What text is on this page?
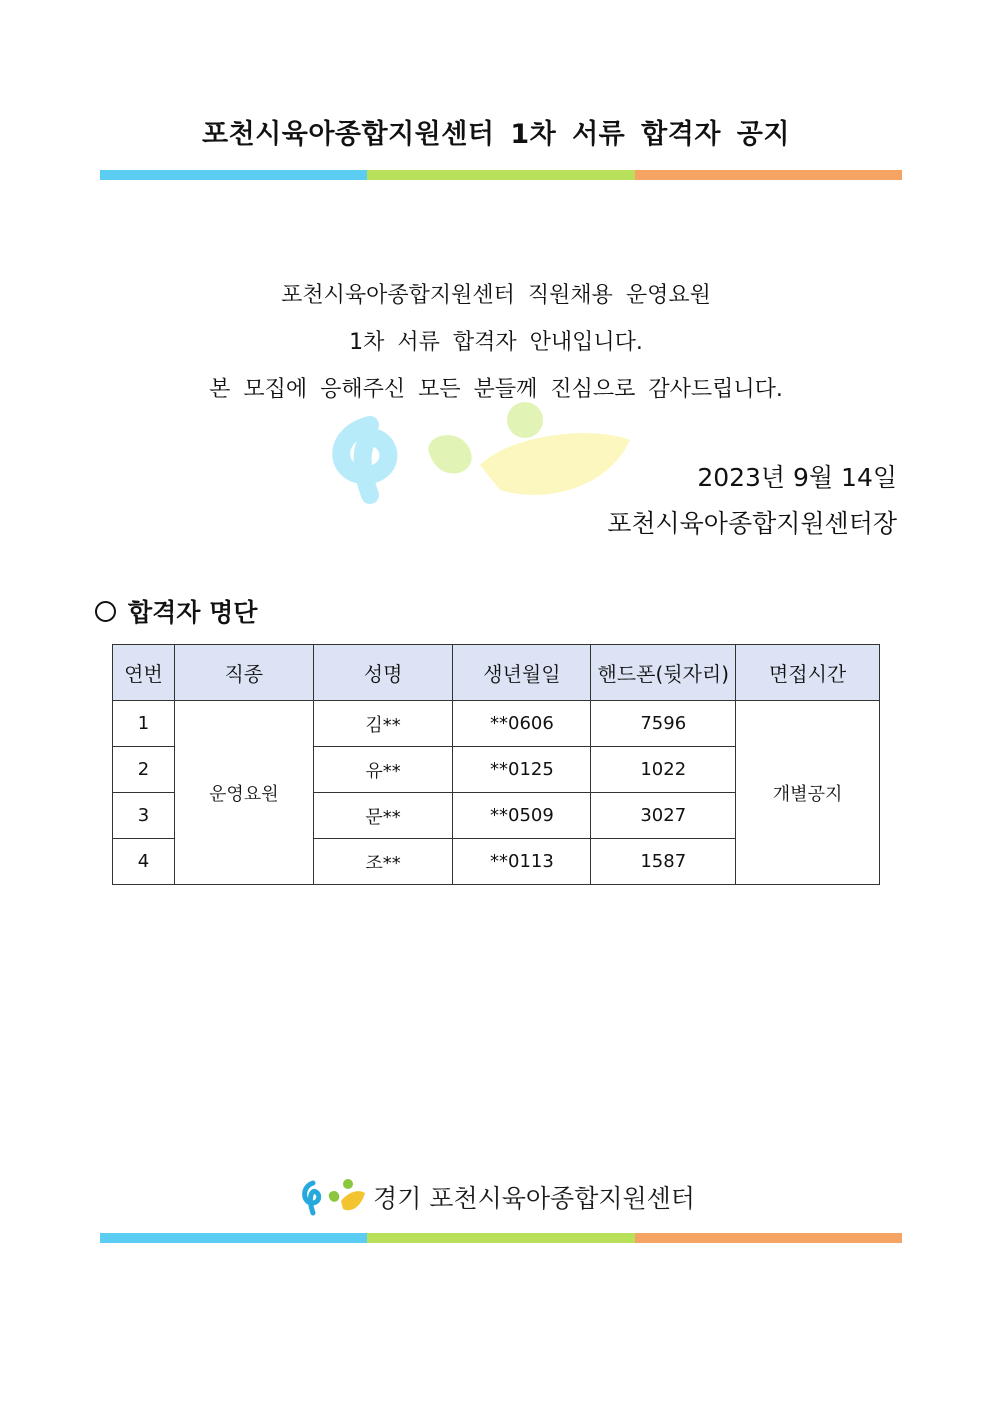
포천시육아종합지원센터 1차 서류 합격자 공지
포천시육아종합지원센터 직원채용 운영요원
1차 서류 합격자 안내입니다.
본 모집에 응해주신 모든 분들께 진심으로 감사드립니다.
2023년 9월 14일
포천시육아종합지원센터장
합격자 명단
연번	직종	성명	생년월일	핸드폰(뒷자리)	면접시간
1	운영요원	김**	**0606	7596	개별공지
2		유**	**0125	1022	
3		문**	**0509	3027	
4		조**	**0113	1587	
경기 포천시육아종합지원센터
